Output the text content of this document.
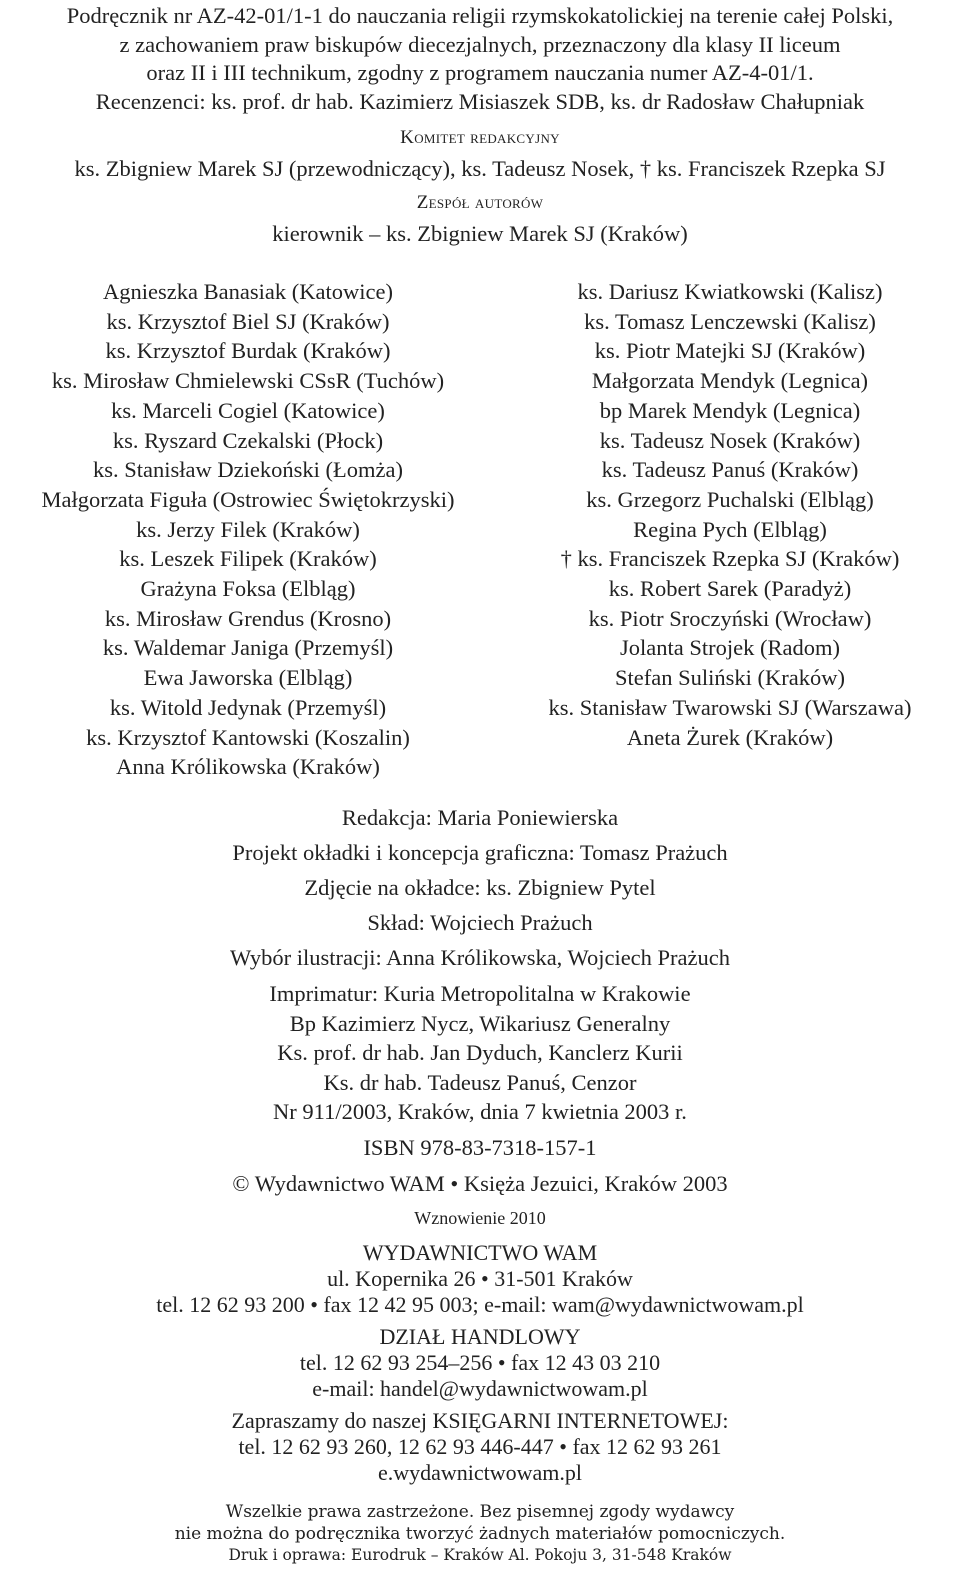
Podręcznik nr AZ-42-01/1-1 do nauczania religii rzymskokatolickiej na terenie całej Polski,
z zachowaniem praw biskupów diecezjalnych, przeznaczony dla klasy II liceum
oraz II i III technikum, zgodny z programem nauczania numer AZ-4-01/1.
Recenzenci: ks. prof. dr hab. Kazimierz Misiaszek SDB, ks. dr Radosław Chałupniak
Komitet redakcyjny
ks. Zbigniew Marek SJ (przewodniczący), ks. Tadeusz Nosek, † ks. Franciszek Rzepka SJ
Zespół autorów
kierownik – ks. Zbigniew Marek SJ (Kraków)
Agnieszka Banasiak (Katowice)
ks. Krzysztof Biel SJ (Kraków)
ks. Krzysztof Burdak (Kraków)
ks. Mirosław Chmielewski CSsR (Tuchów)
ks. Marceli Cogiel (Katowice)
ks. Ryszard Czekalski (Płock)
ks. Stanisław Dziekoński (Łomża)
Małgorzata Figuła (Ostrowiec Świętokrzyski)
ks. Jerzy Filek (Kraków)
ks. Leszek Filipek (Kraków)
Grażyna Foksa (Elbląg)
ks. Mirosław Grendus (Krosno)
ks. Waldemar Janiga (Przemyśl)
Ewa Jaworska (Elbląg)
ks. Witold Jedynak (Przemyśl)
ks. Krzysztof Kantowski (Koszalin)
Anna Królikowska (Kraków)
ks. Dariusz Kwiatkowski (Kalisz)
ks. Tomasz Lenczewski (Kalisz)
ks. Piotr Matejki SJ (Kraków)
Małgorzata Mendyk (Legnica)
bp Marek Mendyk (Legnica)
ks. Tadeusz Nosek (Kraków)
ks. Tadeusz Panuś (Kraków)
ks. Grzegorz Puchalski (Elbląg)
Regina Pych (Elbląg)
† ks. Franciszek Rzepka SJ (Kraków)
ks. Robert Sarek (Paradyż)
ks. Piotr Sroczyński (Wrocław)
Jolanta Strojek (Radom)
Stefan Suliński (Kraków)
ks. Stanisław Twarowski SJ (Warszawa)
Aneta Żurek (Kraków)
Redakcja: Maria Poniewierska
Projekt okładki i koncepcja graficzna: Tomasz Prażuch
Zdjęcie na okładce: ks. Zbigniew Pytel
Skład: Wojciech Prażuch
Wybór ilustracji: Anna Królikowska, Wojciech Prażuch
Imprimatur: Kuria Metropolitalna w Krakowie
Bp Kazimierz Nycz, Wikariusz Generalny
Ks. prof. dr hab. Jan Dyduch, Kanclerz Kurii
Ks. dr hab. Tadeusz Panuś, Cenzor
Nr 911/2003, Kraków, dnia 7 kwietnia 2003 r.
ISBN 978-83-7318-157-1
© Wydawnictwo WAM • Księża Jezuici, Kraków 2003
Wznowienie 2010
WYDAWNICTWO WAM
ul. Kopernika 26 • 31-501 Kraków
tel. 12 62 93 200 • fax 12 42 95 003; e-mail: wam@wydawnictwowam.pl
DZIAŁ HANDLOWY
tel. 12 62 93 254–256 • fax 12 43 03 210
e-mail: handel@wydawnictwowam.pl
Zapraszamy do naszej KSIĘGARNI INTERNETOWEJ:
tel. 12 62 93 260, 12 62 93 446-447 • fax 12 62 93 261
e.wydawnictwowam.pl
Wszelkie prawa zastrzeżone. Bez pisemnej zgody wydawcy
nie można do podręcznika tworzyć żadnych materiałów pomocniczych.
Druk i oprawa: Eurodruk – Kraków Al. Pokoju 3, 31-548 Kraków
